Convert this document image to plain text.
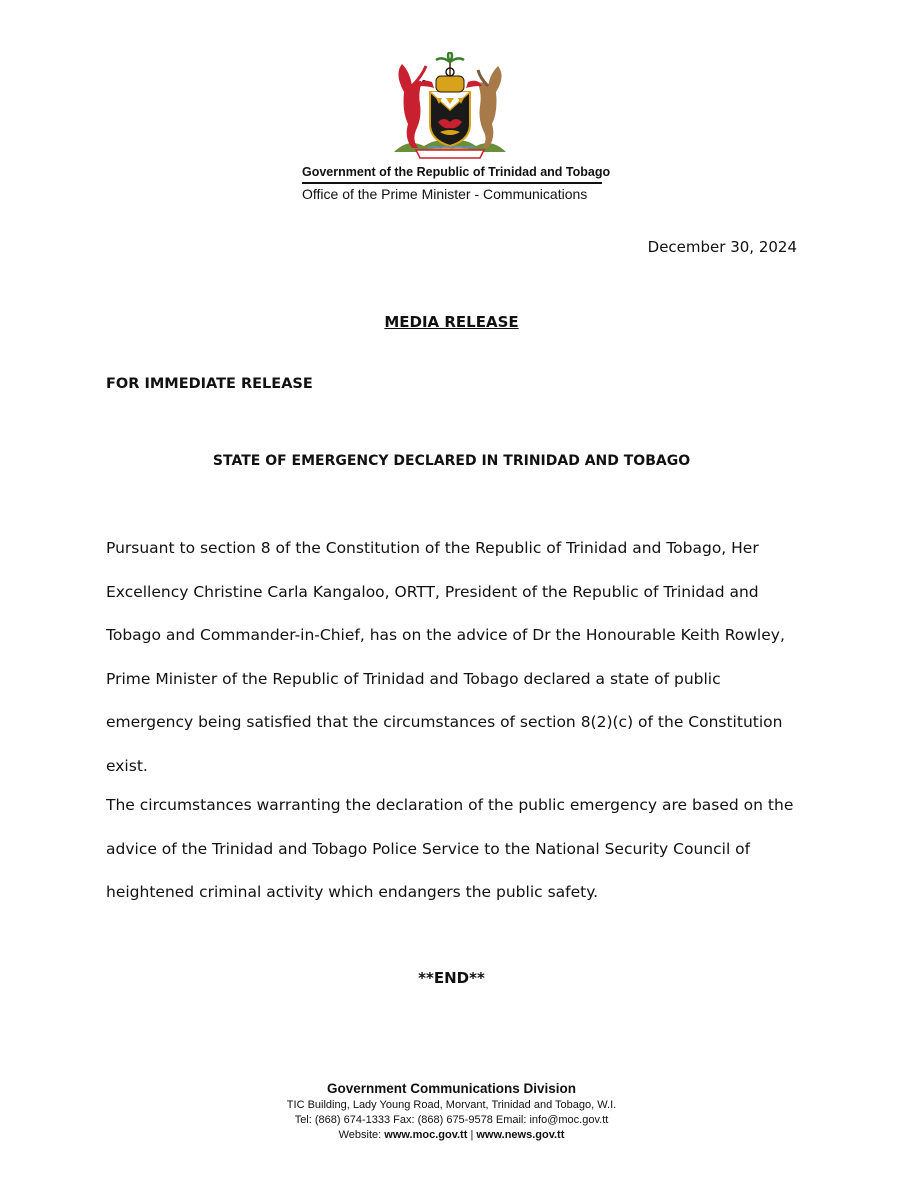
Government of the Republic of Trinidad and Tobago
Office of the Prime Minister - Communications
December 30, 2024
MEDIA RELEASE
FOR IMMEDIATE RELEASE
STATE OF EMERGENCY DECLARED IN TRINIDAD AND TOBAGO

Pursuant to section 8 of the Constitution of the Republic of Trinidad and Tobago, Her Excellency Christine Carla Kangaloo, ORTT, President of the Republic of Trinidad and Tobago and Commander-in-Chief, has on the advice of Dr the Honourable Keith Rowley, Prime Minister of the Republic of Trinidad and Tobago declared a state of public emergency being satisfied that the circumstances of section 8(2)(c) of the Constitution exist.

The circumstances warranting the declaration of the public emergency are based on the advice of the Trinidad and Tobago Police Service to the National Security Council of heightened criminal activity which endangers the public safety.

**END**
Government Communications Division
TIC Building, Lady Young Road, Morvant, Trinidad and Tobago, W.I.
Tel: (868) 674-1333 Fax: (868) 675-9578 Email: info@moc.gov.tt
Website: www.moc.gov.tt | www.news.gov.tt
